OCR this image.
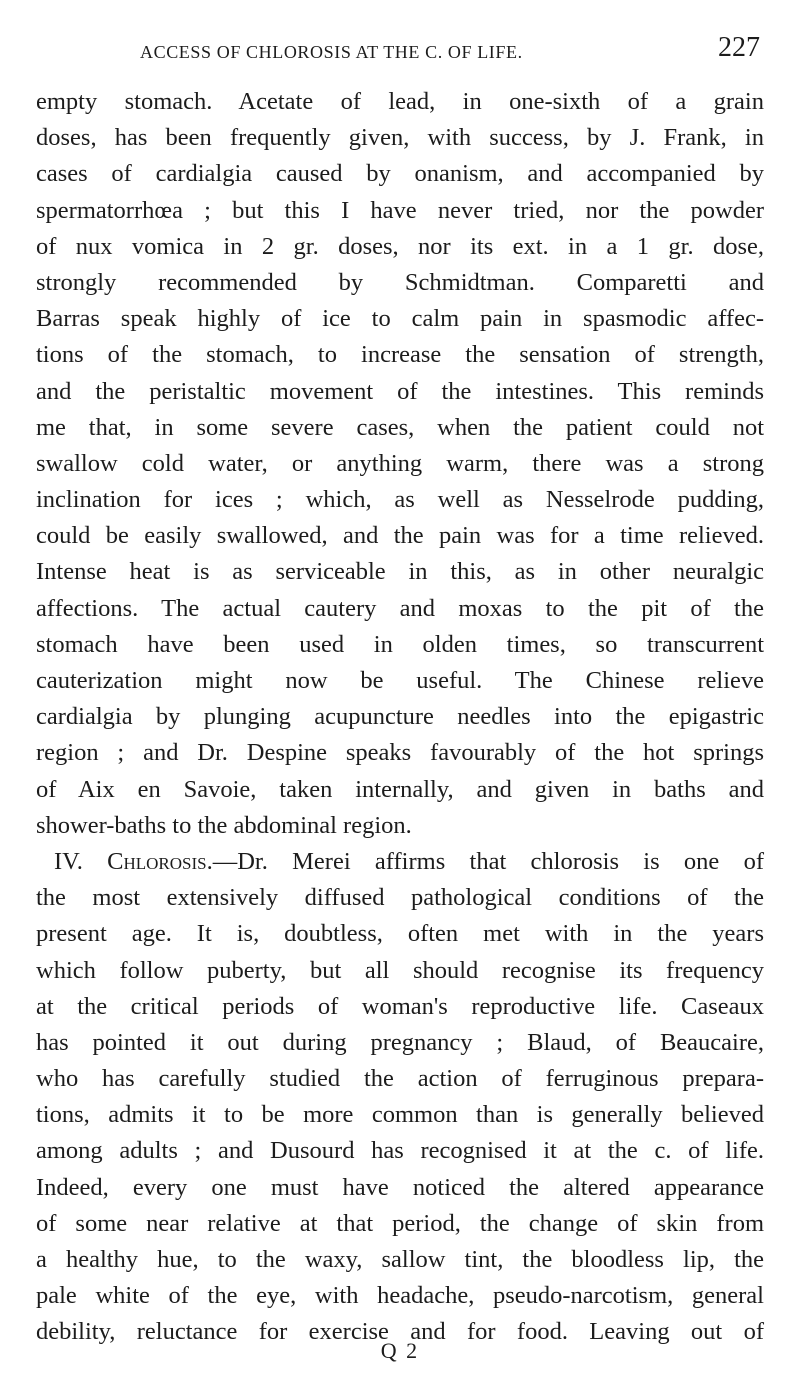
ACCESS OF CHLOROSIS AT THE C. OF LIFE.	227
empty stomach. Acetate of lead, in one-sixth of a grain
doses, has been frequently given, with success, by J. Frank, in
cases of cardialgia caused by onanism, and accompanied by
spermatorrhœa ; but this I have never tried, nor the powder
of nux vomica in 2 gr. doses, nor its ext. in a 1 gr. dose,
strongly recommended by Schmidtman. Comparetti and
Barras speak highly of ice to calm pain in spasmodic affec-
tions of the stomach, to increase the sensation of strength,
and the peristaltic movement of the intestines. This reminds
me that, in some severe cases, when the patient could not
swallow cold water, or anything warm, there was a strong
inclination for ices ; which, as well as Nesselrode pudding,
could be easily swallowed, and the pain was for a time relieved.
Intense heat is as serviceable in this, as in other neuralgic
affections. The actual cautery and moxas to the pit of the
stomach have been used in olden times, so transcurrent
cauterization might now be useful. The Chinese relieve
cardialgia by plunging acupuncture needles into the epigastric
region ; and Dr. Despine speaks favourably of the hot springs
of Aix en Savoie, taken internally, and given in baths and
shower-baths to the abdominal region.
IV. Chlorosis.—Dr. Merei affirms that chlorosis is one of
the most extensively diffused pathological conditions of the
present age. It is, doubtless, often met with in the years
which follow puberty, but all should recognise its frequency
at the critical periods of woman's reproductive life. Caseaux
has pointed it out during pregnancy ; Blaud, of Beaucaire,
who has carefully studied the action of ferruginous prepara-
tions, admits it to be more common than is generally believed
among adults ; and Dusourd has recognised it at the c. of life.
Indeed, every one must have noticed the altered appearance
of some near relative at that period, the change of skin from
a healthy hue, to the waxy, sallow tint, the bloodless lip, the
pale white of the eye, with headache, pseudo-narcotism, general
debility, reluctance for exercise and for food. Leaving out of
Q 2
